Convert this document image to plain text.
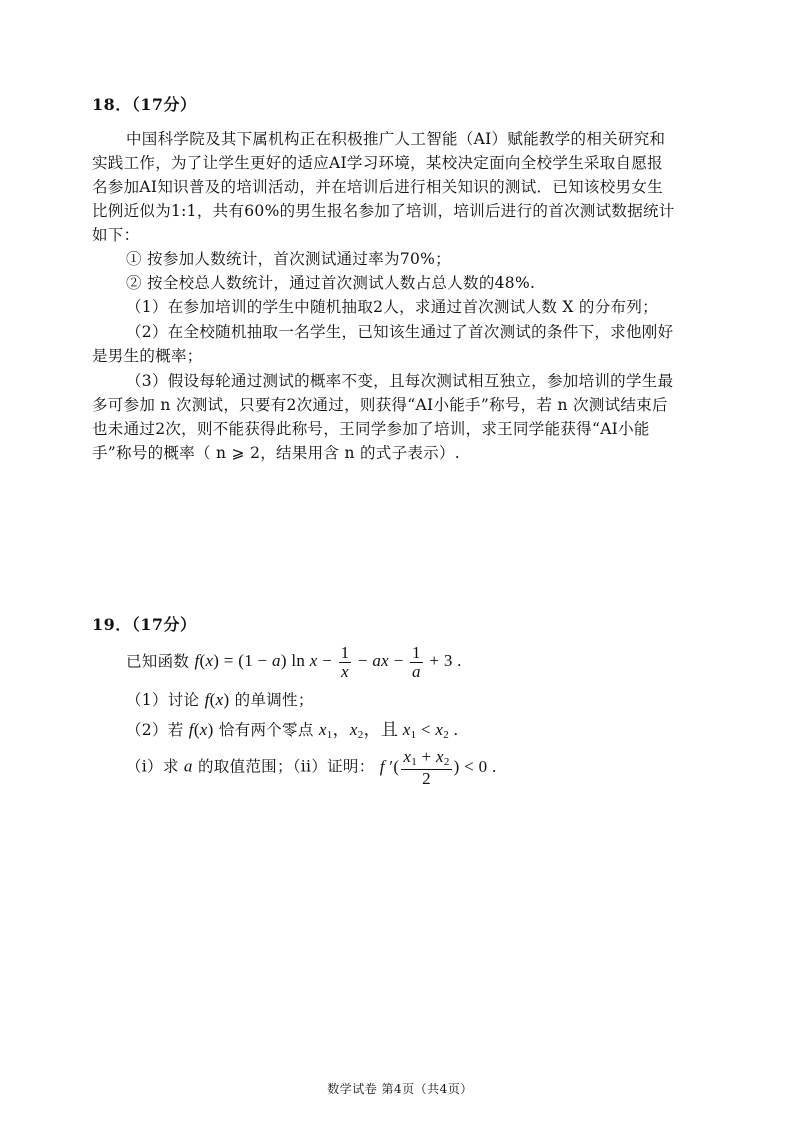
18．（17分）
中国科学院及其下属机构正在积极推广人工智能（AI）赋能教学的相关研究和
实践工作，为了让学生更好的适应AI学习环境，某校决定面向全校学生采取自愿报
名参加AI知识普及的培训活动，并在培训后进行相关知识的测试．已知该校男女生
比例近似为1:1，共有60%的男生报名参加了培训，培训后进行的首次测试数据统计
如下：
① 按参加人数统计，首次测试通过率为70%；
② 按全校总人数统计，通过首次测试人数占总人数的48%.
（1）在参加培训的学生中随机抽取2人，求通过首次测试人数 X 的分布列；
（2）在全校随机抽取一名学生，已知该生通过了首次测试的条件下，求他刚好
是男生的概率；
（3）假设每轮通过测试的概率不变，且每次测试相互独立，参加培训的学生最
多可参加 n 次测试，只要有2次通过，则获得“AI小能手”称号，若 n 次测试结束后
也未通过2次，则不能获得此称号，王同学参加了培训，求王同学能获得“AI小能
手”称号的概率（ n ⩾ 2，结果用含 n 的式子表示）.
19．（17分）
已知函数 f(x) = (1 − a) $\ln x - \frac{1}{x}$ − ax − $\frac{1}{a} + 3$ .
（1）讨论 f(x) 的单调性；
（2）若 f(x) 恰有两个零点 $x_1$，$x_2$，且 $x_1 < x_2$ .
（i）求 a 的取值范围；（ii）证明： f ′( $\frac{x_1 + x_2}{2}$ ) < 0 .
数学试卷 第4页（共4页）
